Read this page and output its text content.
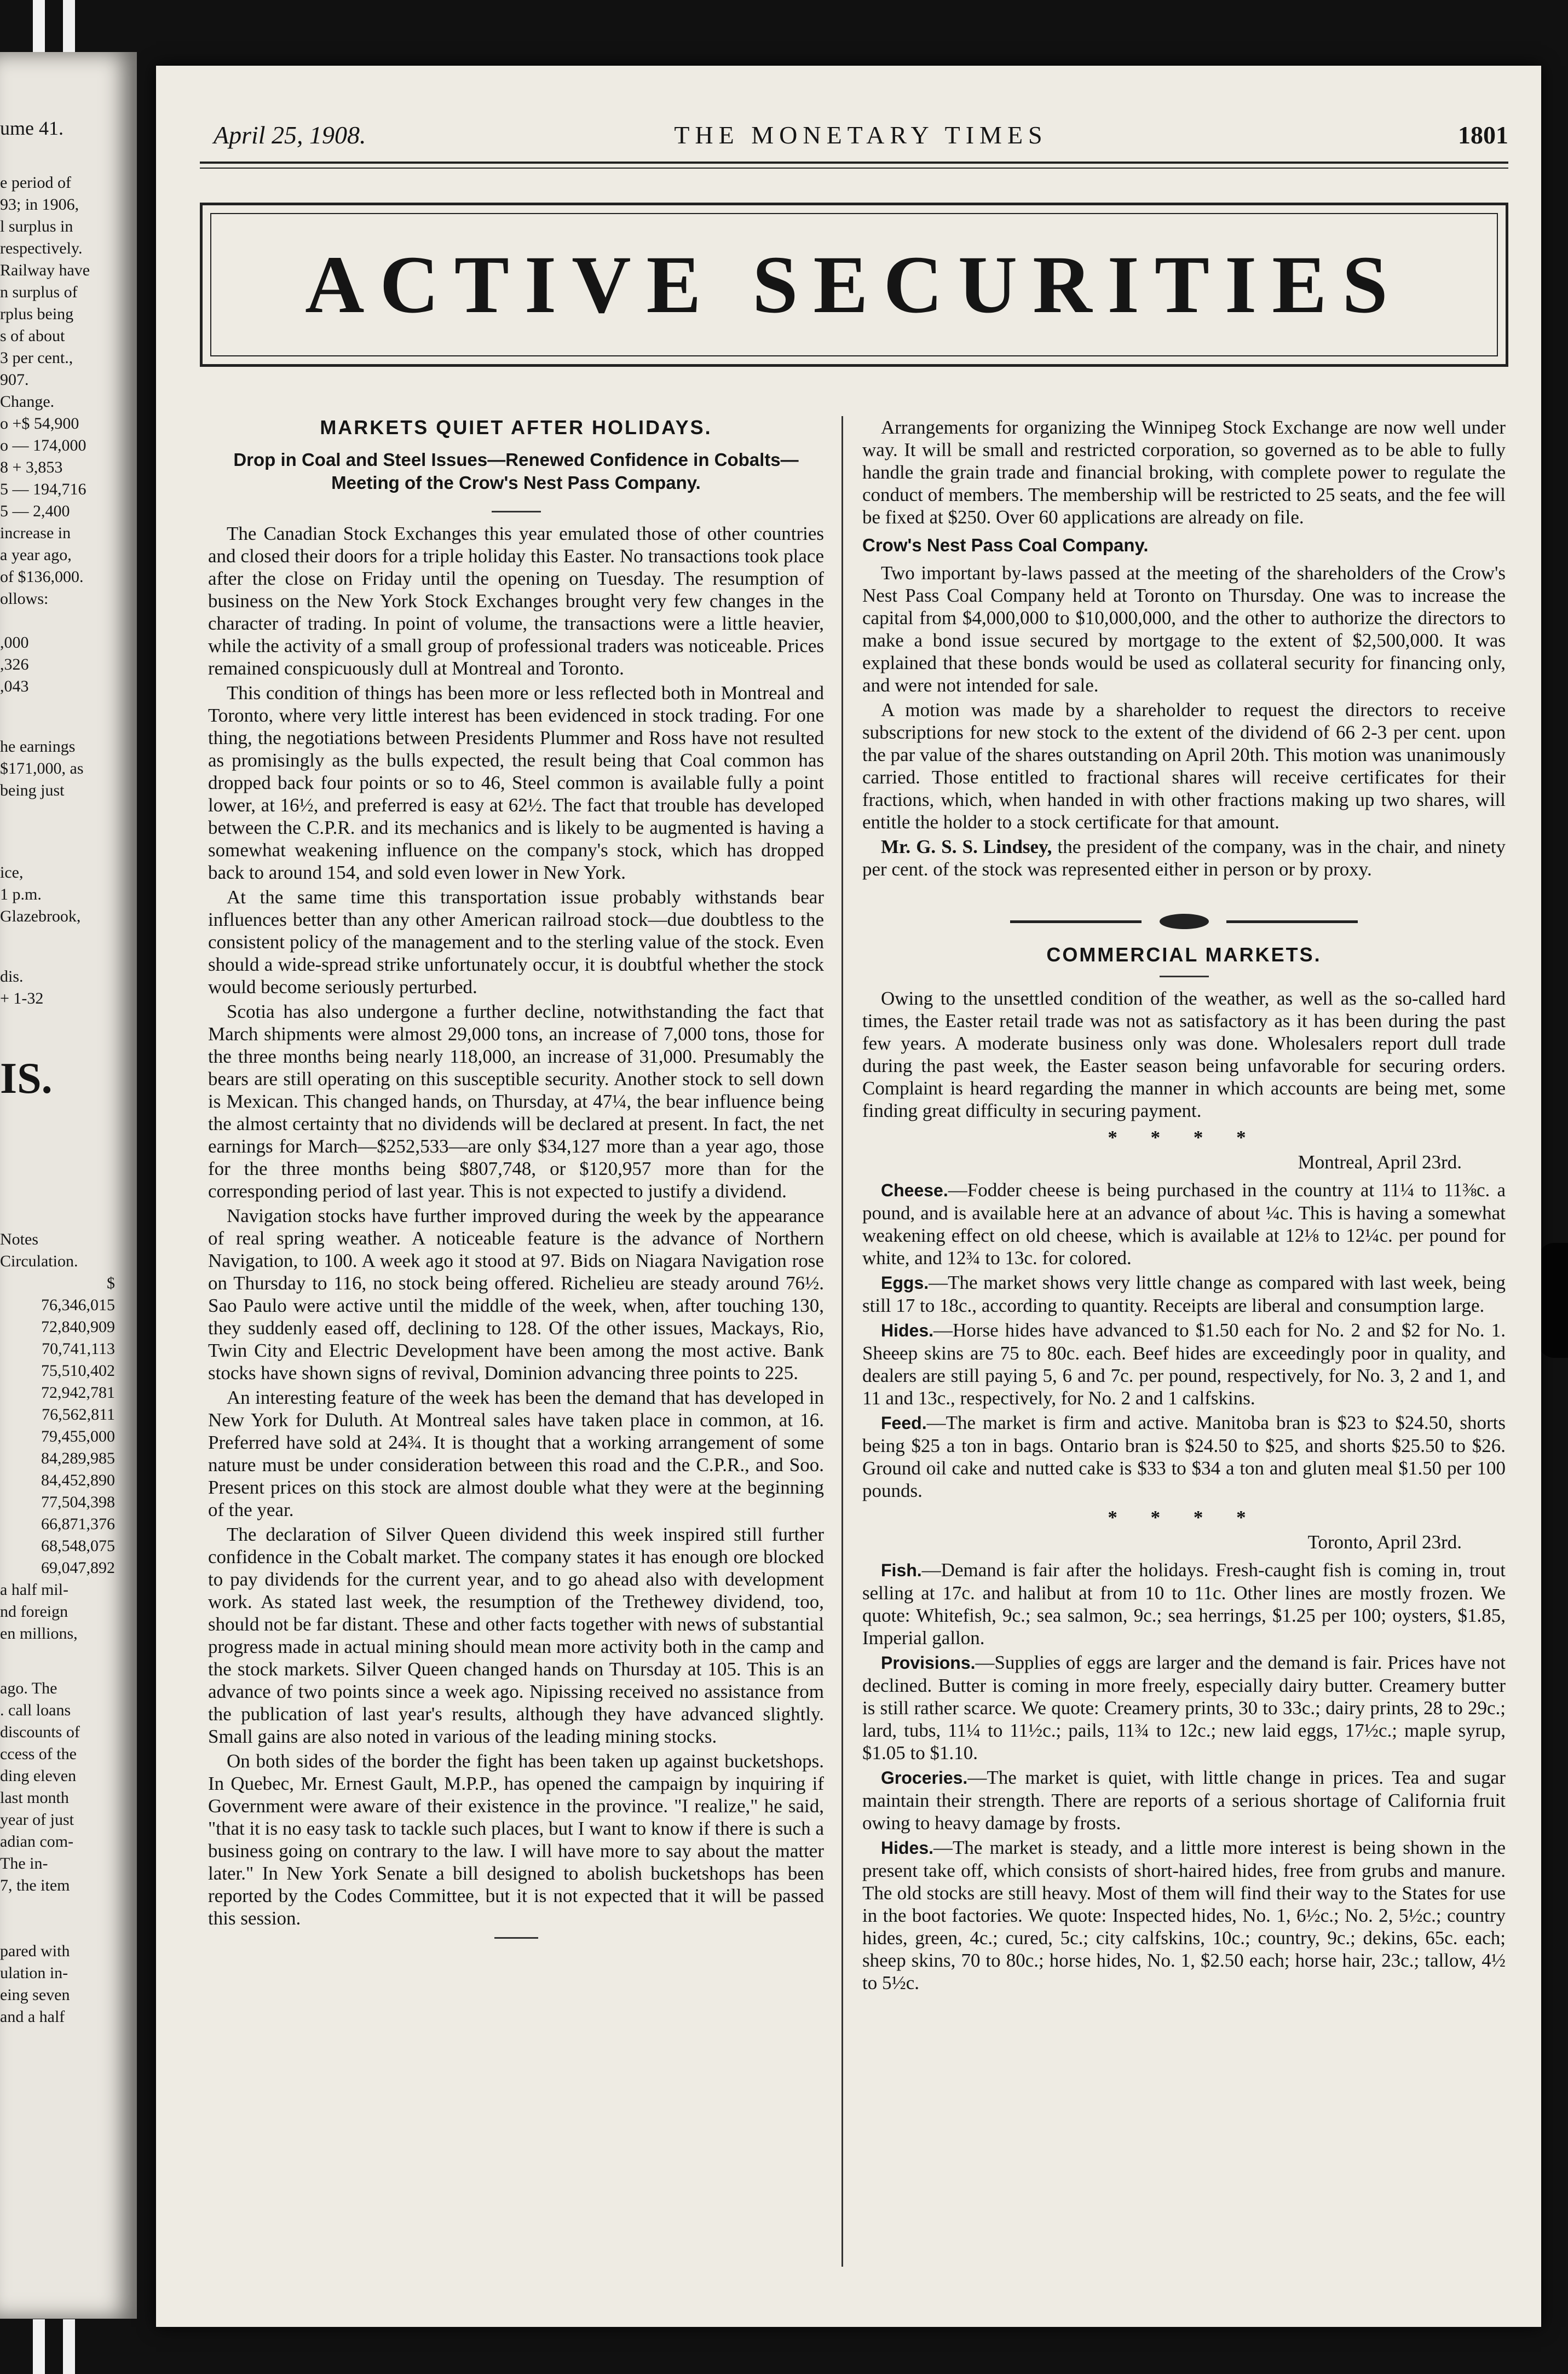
ume 41.
e period of
93; in 1906,
l surplus in
respectively.
Railway have
n surplus of
rplus being
s of about
3 per cent.,
907.
Change.
o +$ 54,900
o — 174,000
8 + 3,853
5 — 194,716
5 — 2,400
increase in
a year ago,
of $136,000.
ollows:
,000
,326
,043
he earnings
$171,000, as
being just
ice,
1 p.m.
Glazebrook,
dis.
+ 1-32
IS.
Notes
Circulation.
$
76,346,015
72,840,909
70,741,113
75,510,402
72,942,781
76,562,811
79,455,000
84,289,985
84,452,890
77,504,398
66,871,376
68,548,075
69,047,892
a half mil-
nd foreign
en millions,
ago. The
. call loans
discounts of
ccess of the
ding eleven
last month
year of just
adian com-
The in-
7, the item
pared with
ulation in-
eing seven
and a half
April 25, 1908.	THE MONETARY TIMES	1801
ACTIVE SECURITIES
MARKETS QUIET AFTER HOLIDAYS.
Drop in Coal and Steel Issues—Renewed Confidence in Cobalts—Meeting of the Crow's Nest Pass Company.

The Canadian Stock Exchanges this year emulated those of other countries and closed their doors for a triple holiday this Easter. No transactions took place after the close on Friday until the opening on Tuesday. The resumption of business on the New York Stock Exchanges brought very few changes in the character of trading. In point of volume, the transactions were a little heavier, while the activity of a small group of professional traders was noticeable. Prices remained conspicuously dull at Montreal and Toronto.

This condition of things has been more or less reflected both in Montreal and Toronto, where very little interest has been evidenced in stock trading. For one thing, the negotiations between Presidents Plummer and Ross have not resulted as promisingly as the bulls expected, the result being that Coal common has dropped back four points or so to 46, Steel common is available fully a point lower, at 16½, and preferred is easy at 62½. The fact that trouble has developed between the C.P.R. and its mechanics and is likely to be augmented is having a somewhat weakening influence on the company's stock, which has dropped back to around 154, and sold even lower in New York.

At the same time this transportation issue probably withstands bear influences better than any other American railroad stock—due doubtless to the consistent policy of the management and to the sterling value of the stock. Even should a wide-spread strike unfortunately occur, it is doubtful whether the stock would become seriously perturbed.

Scotia has also undergone a further decline, notwithstanding the fact that March shipments were almost 29,000 tons, an increase of 7,000 tons, those for the three months being nearly 118,000, an increase of 31,000. Presumably the bears are still operating on this susceptible security. Another stock to sell down is Mexican. This changed hands, on Thursday, at 47¼, the bear influence being the almost certainty that no dividends will be declared at present. In fact, the net earnings for March—$252,533—are only $34,127 more than a year ago, those for the three months being $807,748, or $120,957 more than for the corresponding period of last year. This is not expected to justify a dividend.

Navigation stocks have further improved during the week by the appearance of real spring weather. A noticeable feature is the advance of Northern Navigation, to 100. A week ago it stood at 97. Bids on Niagara Navigation rose on Thursday to 116, no stock being offered. Richelieu are steady around 76½. Sao Paulo were active until the middle of the week, when, after touching 130, they suddenly eased off, declining to 128. Of the other issues, Mackays, Rio, Twin City and Electric Development have been among the most active. Bank stocks have shown signs of revival, Dominion advancing three points to 225.

An interesting feature of the week has been the demand that has developed in New York for Duluth. At Montreal sales have taken place in common, at 16. Preferred have sold at 24¾. It is thought that a working arrangement of some nature must be under consideration between this road and the C.P.R., and Soo. Present prices on this stock are almost double what they were at the beginning of the year.

The declaration of Silver Queen dividend this week inspired still further confidence in the Cobalt market. The company states it has enough ore blocked to pay dividends for the current year, and to go ahead also with development work. As stated last week, the resumption of the Trethewey dividend, too, should not be far distant. These and other facts together with news of substantial progress made in actual mining should mean more activity both in the camp and the stock markets. Silver Queen changed hands on Thursday at 105. This is an advance of two points since a week ago. Nipissing received no assistance from the publication of last year's results, although they have advanced slightly. Small gains are also noted in various of the leading mining stocks.

On both sides of the border the fight has been taken up against bucketshops. In Quebec, Mr. Ernest Gault, M.P.P., has opened the campaign by inquiring if Government were aware of their existence in the province. "I realize," he said, "that it is no easy task to tackle such places, but I want to know if there is such a business going on contrary to the law. I will have more to say about the matter later." In New York Senate a bill designed to abolish bucketshops has been reported by the Codes Committee, but it is not expected that it will be passed this session.

Arrangements for organizing the Winnipeg Stock Exchange are now well under way. It will be small and restricted corporation, so governed as to be able to fully handle the grain trade and financial broking, with complete power to regulate the conduct of members. The membership will be restricted to 25 seats, and the fee will be fixed at $250. Over 60 applications are already on file.

Crow's Nest Pass Coal Company.

Two important by-laws passed at the meeting of the shareholders of the Crow's Nest Pass Coal Company held at Toronto on Thursday. One was to increase the capital from $4,000,000 to $10,000,000, and the other to authorize the directors to make a bond issue secured by mortgage to the extent of $2,500,000. It was explained that these bonds would be used as collateral security for financing only, and were not intended for sale.

A motion was made by a shareholder to request the directors to receive subscriptions for new stock to the extent of the dividend of 66 2-3 per cent. upon the par value of the shares outstanding on April 20th. This motion was unanimously carried. Those entitled to fractional shares will receive certificates for their fractions, which, when handed in with other fractions making up two shares, will entitle the holder to a stock certificate for that amount.

Mr. G. S. S. Lindsey, the president of the company, was in the chair, and ninety per cent. of the stock was represented either in person or by proxy.

COMMERCIAL MARKETS.

Owing to the unsettled condition of the weather, as well as the so-called hard times, the Easter retail trade was not as satisfactory as it has been during the past few years. A moderate business only was done. Wholesalers report dull trade during the past week, the Easter season being unfavorable for securing orders. Complaint is heard regarding the manner in which accounts are being met, some finding great difficulty in securing payment.

* * * *
Montreal, April 23rd.

Cheese.—Fodder cheese is being purchased in the country at 11¼ to 11⅜c. a pound, and is available here at an advance of about ¼c. This is having a somewhat weakening effect on old cheese, which is available at 12⅛ to 12¼c. per pound for white, and 12¾ to 13c. for colored.

Eggs.—The market shows very little change as compared with last week, being still 17 to 18c., according to quantity. Receipts are liberal and consumption large.

Hides.—Horse hides have advanced to $1.50 each for No. 2 and $2 for No. 1. Sheeep skins are 75 to 80c. each. Beef hides are exceedingly poor in quality, and dealers are still paying 5, 6 and 7c. per pound, respectively, for No. 3, 2 and 1, and 11 and 13c., respectively, for No. 2 and 1 calfskins.

Feed.—The market is firm and active. Manitoba bran is $23 to $24.50, shorts being $25 a ton in bags. Ontario bran is $24.50 to $25, and shorts $25.50 to $26. Ground oil cake and nutted cake is $33 to $34 a ton and gluten meal $1.50 per 100 pounds.

* * * *
Toronto, April 23rd.

Fish.—Demand is fair after the holidays. Fresh-caught fish is coming in, trout selling at 17c. and halibut at from 10 to 11c. Other lines are mostly frozen. We quote: Whitefish, 9c.; sea salmon, 9c.; sea herrings, $1.25 per 100; oysters, $1.85, Imperial gallon.

Provisions.—Supplies of eggs are larger and the demand is fair. Prices have not declined. Butter is coming in more freely, especially dairy butter. Creamery butter is still rather scarce. We quote: Creamery prints, 30 to 33c.; dairy prints, 28 to 29c.; lard, tubs, 11¼ to 11½c.; pails, 11¾ to 12c.; new laid eggs, 17½c.; maple syrup, $1.05 to $1.10.

Groceries.—The market is quiet, with little change in prices. Tea and sugar maintain their strength. There are reports of a serious shortage of California fruit owing to heavy damage by frosts.

Hides.—The market is steady, and a little more interest is being shown in the present take off, which consists of short-haired hides, free from grubs and manure. The old stocks are still heavy. Most of them will find their way to the States for use in the boot factories. We quote: Inspected hides, No. 1, 6½c.; No. 2, 5½c.; country hides, green, 4c.; cured, 5c.; city calfskins, 10c.; country, 9c.; dekins, 65c. each; sheep skins, 70 to 80c.; horse hides, No. 1, $2.50 each; horse hair, 23c.; tallow, 4½ to 5½c.
